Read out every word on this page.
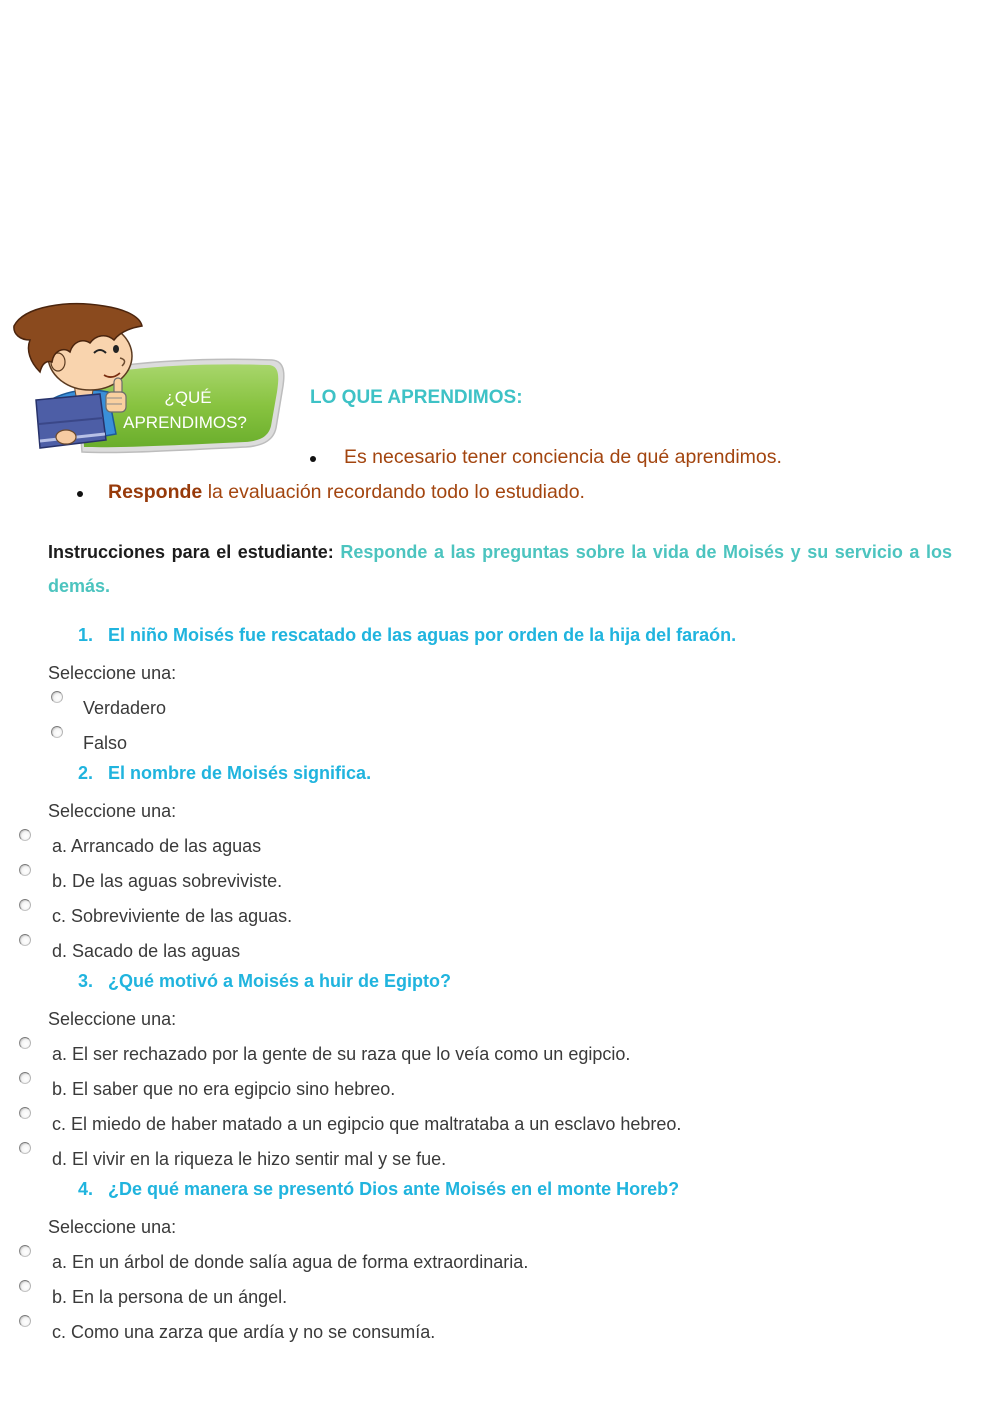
¿QUÉ
APRENDIMOS?
LO QUE APRENDIMOS:
Es necesario tener conciencia de qué aprendimos.
Responde la evaluación recordando todo lo estudiado.
Instrucciones para el estudiante: Responde a las preguntas sobre la vida de Moisés y su servicio a los demás.
1. El niño Moisés fue rescatado de las aguas por orden de la hija del faraón.
Seleccione una:
Verdadero
Falso
2. El nombre de Moisés significa.
Seleccione una:
a. Arrancado de las aguas
b. De las aguas sobreviviste.
c. Sobreviviente de las aguas.
d. Sacado de las aguas
3. ¿Qué motivó a Moisés a huir de Egipto?
Seleccione una:
a. El ser rechazado por la gente de su raza que lo veía como un egipcio.
b. El saber que no era egipcio sino hebreo.
c. El miedo de haber matado a un egipcio que maltrataba a un esclavo hebreo.
d. El vivir en la riqueza le hizo sentir mal y se fue.
4. ¿De qué manera se presentó Dios ante Moisés en el monte Horeb?
Seleccione una:
a. En un árbol de donde salía agua de forma extraordinaria.
b. En la persona de un ángel.
c. Como una zarza que ardía y no se consumía.
